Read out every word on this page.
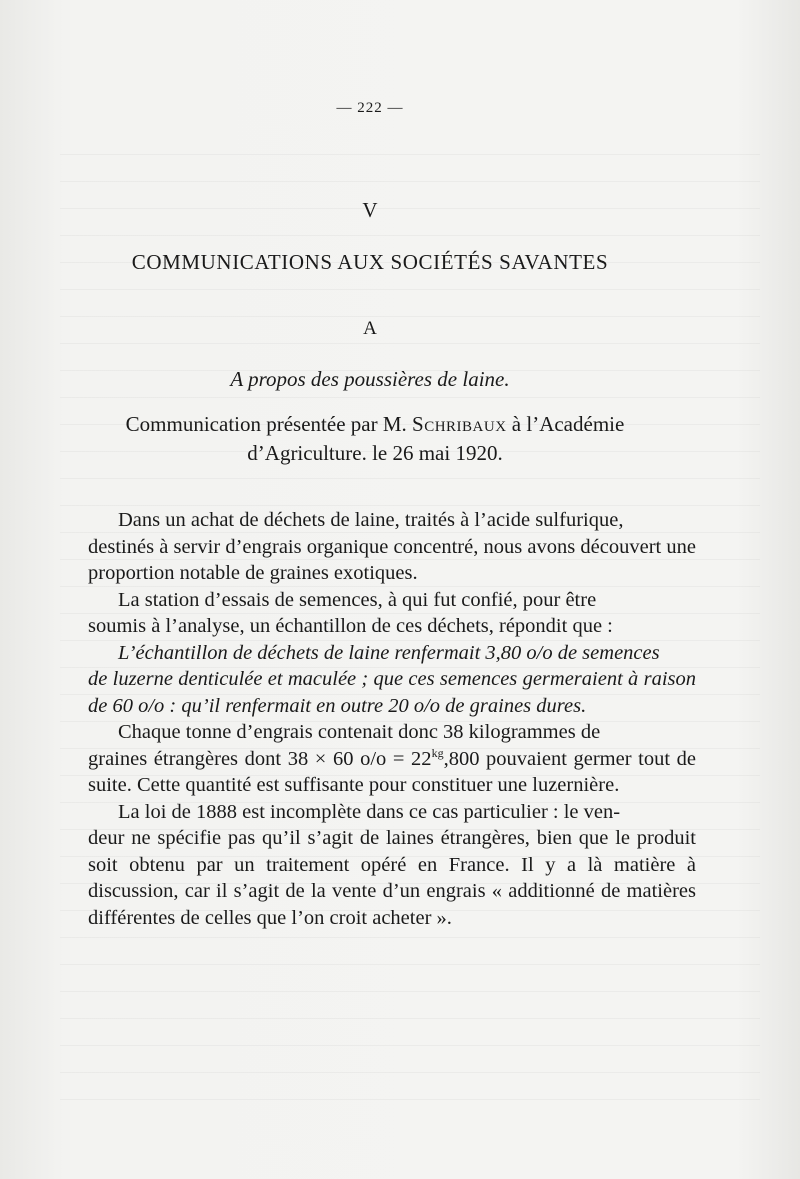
— 222 —
V
COMMUNICATIONS AUX SOCIÉTÉS SAVANTES
A
A propos des poussières de laine.
Communication présentée par M. Schribaux à l’Académie
d’Agriculture. le 26 mai 1920.

Dans un achat de déchets de laine, traités à l’acide sulfurique,
destinés à servir d’engrais organique concentré, nous avons découvert une proportion notable de graines exotiques.

La station d’essais de semences, à qui fut confié, pour être
soumis à l’analyse, un échantillon de ces déchets, répondit que :

L’échantillon de déchets de laine renfermait 3,80 o/o de semences
de luzerne denticulée et maculée ; que ces semences germeraient à raison de 60 o/o : qu’il renfermait en outre 20 o/o de graines dures.

Chaque tonne d’engrais contenait donc 38 kilogrammes de
graines étrangères dont 38 × 60 $o/o = 22^{kg},800$ pouvaient germer tout de suite. Cette quantité est suffisante pour constituer une luzernière.

La loi de 1888 est incomplète dans ce cas particulier : le ven-
deur ne spécifie pas qu’il s’agit de laines étrangères, bien que le produit soit obtenu par un traitement opéré en France. Il y a là matière à discussion, car il s’agit de la vente d’un engrais « additionné de matières différentes de celles que l’on croit acheter ».
